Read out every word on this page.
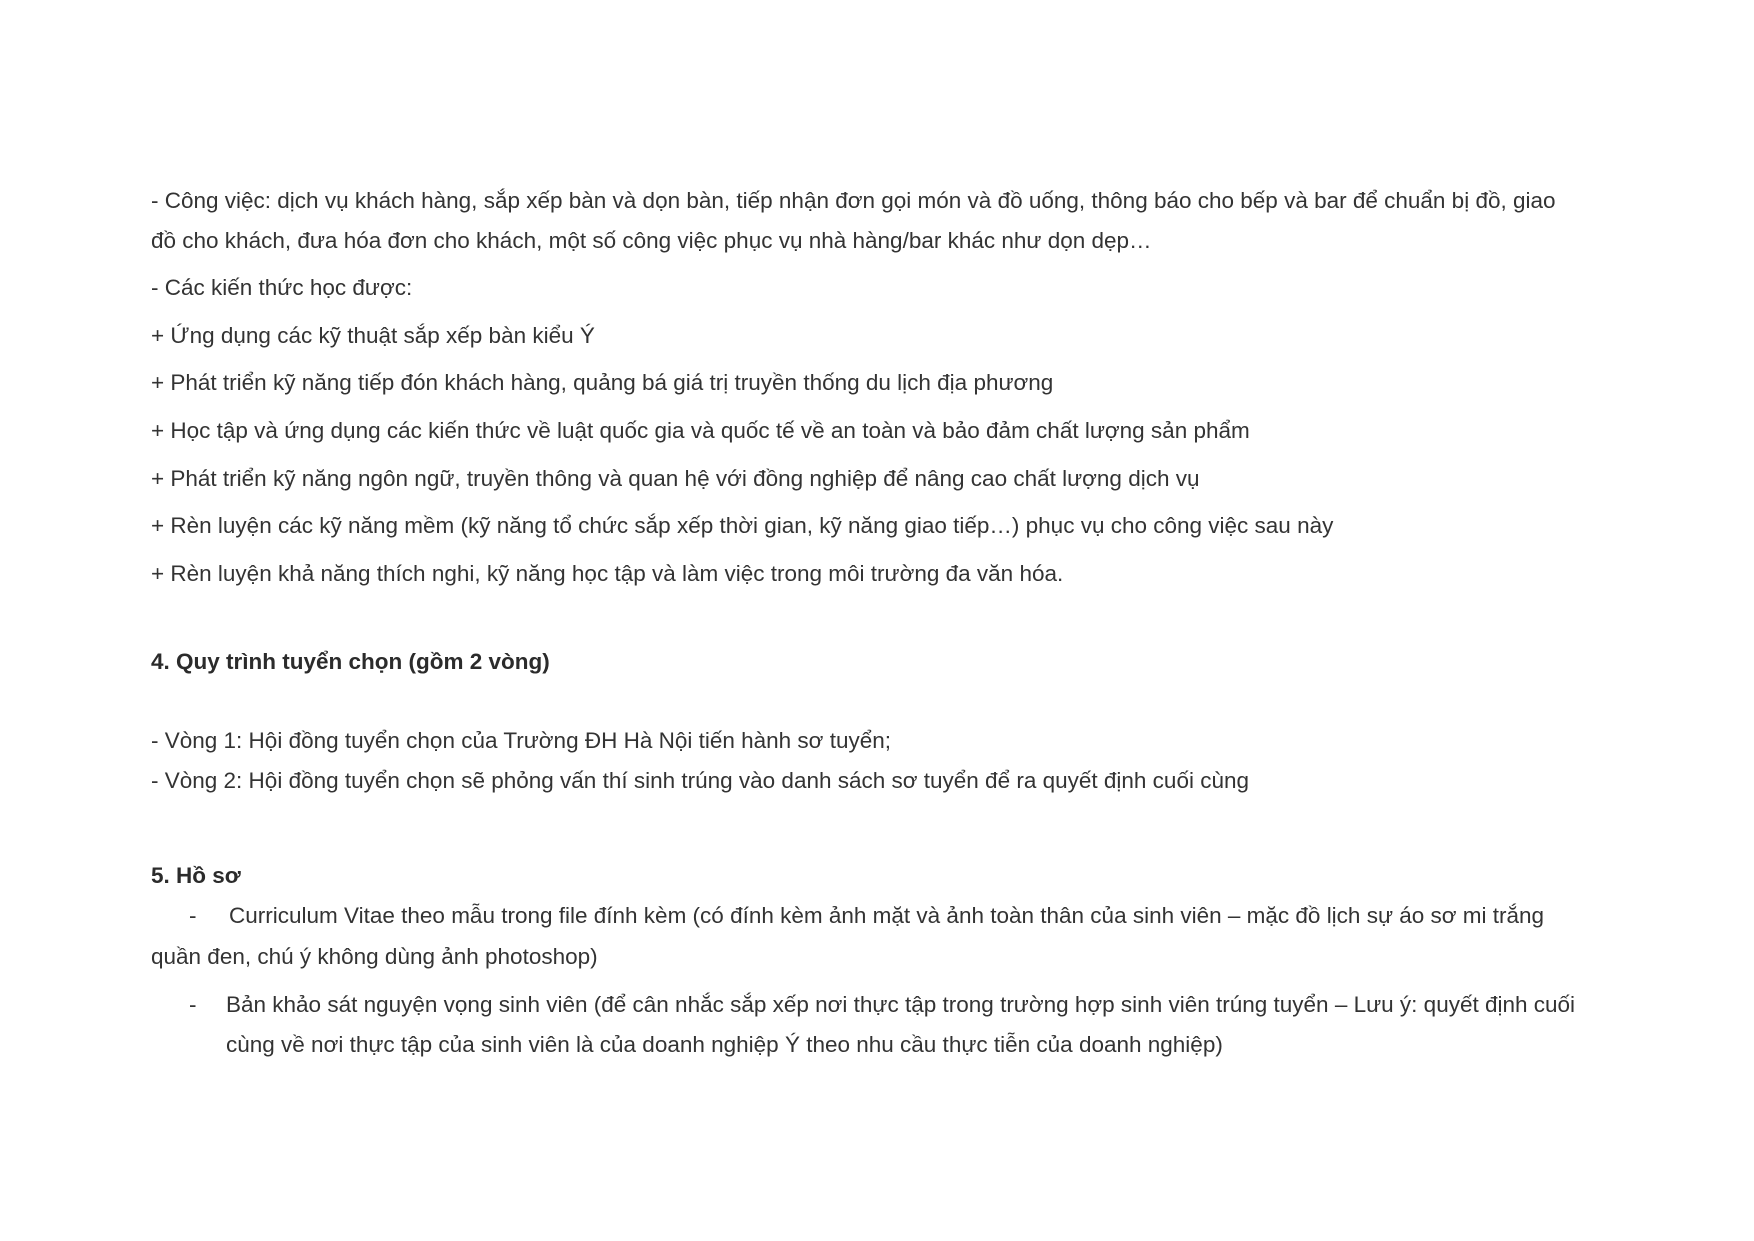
- Công việc: dịch vụ khách hàng, sắp xếp bàn và dọn bàn, tiếp nhận đơn gọi món và đồ uống, thông báo cho bếp và bar để chuẩn bị đồ, giao
đồ cho khách, đưa hóa đơn cho khách, một số công việc phục vụ nhà hàng/bar khác như dọn dẹp…
- Các kiến thức học được:
+ Ứng dụng các kỹ thuật sắp xếp bàn kiểu Ý
+ Phát triển kỹ năng tiếp đón khách hàng, quảng bá giá trị truyền thống du lịch địa phương
+ Học tập và ứng dụng các kiến thức về luật quốc gia và quốc tế về an toàn và bảo đảm chất lượng sản phẩm
+ Phát triển kỹ năng ngôn ngữ, truyền thông và quan hệ với đồng nghiệp để nâng cao chất lượng dịch vụ
+ Rèn luyện các kỹ năng mềm (kỹ năng tổ chức sắp xếp thời gian, kỹ năng giao tiếp…) phục vụ cho công việc sau này
+ Rèn luyện khả năng thích nghi, kỹ năng học tập và làm việc trong môi trường đa văn hóa.
4. Quy trình tuyển chọn (gồm 2 vòng)
- Vòng 1: Hội đồng tuyển chọn của Trường ĐH Hà Nội tiến hành sơ tuyển;
- Vòng 2: Hội đồng tuyển chọn sẽ phỏng vấn thí sinh trúng vào danh sách sơ tuyển để ra quyết định cuối cùng
5. Hồ sơ
- Curriculum Vitae theo mẫu trong file đính kèm (có đính kèm ảnh mặt và ảnh toàn thân của sinh viên – mặc đồ lịch sự áo sơ mi trắng
quần đen, chú ý không dùng ảnh photoshop)
- Bản khảo sát nguyện vọng sinh viên (để cân nhắc sắp xếp nơi thực tập trong trường hợp sinh viên trúng tuyển – Lưu ý: quyết định cuối
cùng về nơi thực tập của sinh viên là của doanh nghiệp Ý theo nhu cầu thực tiễn của doanh nghiệp)
